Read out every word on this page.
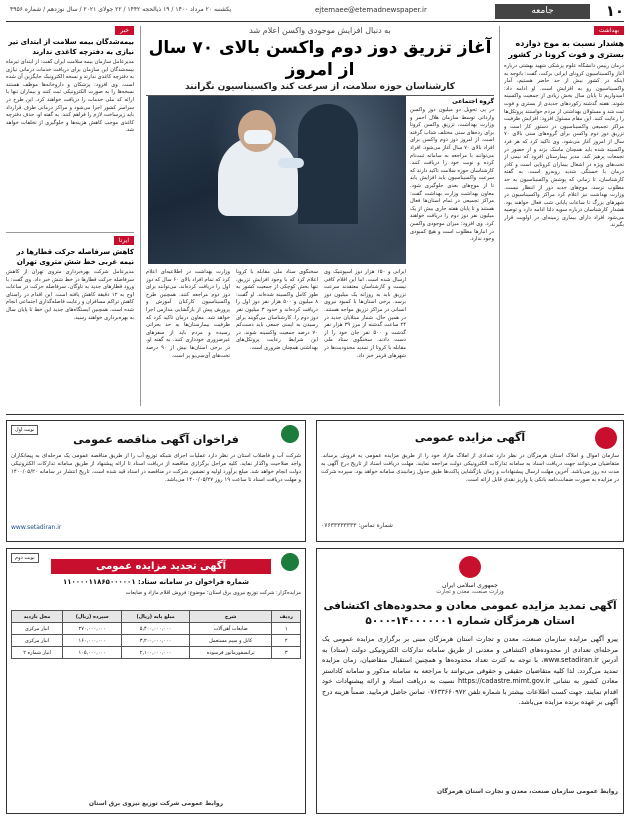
۱۰
جامعه
ejtemaee@etemadnewspaper.ir
یکشنبه ۲۰ مرداد ۱۴۰۰ / ۱۹ ذیالحجه ۱۴۴۲ / ۲۲ جولای ۲۰۲۱ / سال نوزدهم / شماره ۴۹۵۶
بهداشت
هشدار نسبت به موج دوازده بستری و فوت کرونا در کشور
درمان رییس دانشگاه علوم پزشکی شهید بهشتی درباره آغاز واکسیناسیون کرونای ایرانی برکت، گفت: باتوجه به اینکه در کشور بیش از حد حاضر هستیم، آمار واکسیناسیون رو به افزایش است. او ادامه داد: امیدواریم تا پایان سال بخش زیادی از جمعیت واکسینه شوند. هفته گذشته رکوردهای جدیدی از بستری و فوت ثبت شد و مسئولان بهداشتی از مردم خواستند پروتکل‌ها را رعایت کنند. این مقام مسئول افزود: افزایش ظرفیت مراکز تجمیعی واکسیناسیون در دستور کار است و تزریق دوز دوم واکسن برای گروه‌های سنی بالای ۷۰ سال از امروز آغاز می‌شود. وی تاکید کرد که هر فرد واکسینه شده باید همچنان ماسک بزند و از حضور در تجمعات پرهیز کند. مدیر بیمارستان افزود که نیمی از تخت‌های ویژه در اشغال بیماران کرونایی است و کادر درمان با خستگی شدید روبه‌رو است. به گفته کارشناسان، تا زمانی که پوشش واکسیناسیون به حد مطلوب نرسد، موج‌های جدید دور از انتظار نیست. وزارت بهداشت نیز اعلام کرد مراکز واکسیناسیون در شهرهای بزرگ تا ساعات پایانی شب فعال خواهند بود. هشدار کارشناسان درباره سویه دلتا ادامه دارد و توصیه می‌شود افراد دارای بیماری زمینه‌ای در اولویت قرار بگیرند.
به دنبال افزایش موجودی واکسن اعلام شد
آغاز تزریق دوز دوم واکسن بالای ۷۰ سال از امروز
کارشناسان حوزه سلامت، از سرعت کند واکسیناسیون نگرانند
گروه اجتماعی
در پی تحویل دو میلیون دوز واکسن وارداتی توسط سازمان هلال احمر و وزارت بهداشت، تزریق واکسن کرونا برای رده‌های سنی مختلف شتاب گرفته است. از امروز دوز دوم واکسن برای افراد بالای ۷۰ سال آغاز می‌شود. افراد می‌توانند با مراجعه به سامانه ثبت‌نام کرده و نوبت خود را دریافت کنند. کارشناسان حوزه سلامت تاکید دارند که سرعت واکسیناسیون باید افزایش یابد تا از موج‌های بعدی جلوگیری شود. معاون بهداشت وزارت بهداشت گفت: مراکز تجمیعی در تمام استان‌ها فعال هستند و تا پایان هفته جاری بیش از یک میلیون نفر دوز دوم را دریافت خواهند کرد. وی افزود: میزان موجودی واکسن در انبارها مطلوب است و هیچ کمبودی وجود ندارد.
ایرانی و ۱۵۰ هزار دوز اسپوتنیک وی ارسال شده است. اما این اقلام کافی نیست و کارشناسان معتقدند سرعت تزریق باید به روزانه یک میلیون دوز برسد. برخی استان‌ها با کمبود نیروی انسانی در مراکز تزریق مواجه هستند. در همین حال، شمار مبتلایان جدید در ۲۴ ساعت گذشته از مرز ۳۹ هزار نفر گذشت و ۵۰۰ نفر جان خود را از دست دادند. سخنگوی ستاد ملی مقابله با کرونا از تمدید محدودیت‌ها در شهرهای قرمز خبر داد.
سخنگوی ستاد ملی مقابله با کرونا اعلام کرد که با وجود افزایش تزریق، تنها بخش کوچکی از جمعیت کشور به طور کامل واکسینه شده‌اند. او گفت: ۸ میلیون و ۵۰۰ هزار نفر دوز اول را دریافت کرده‌اند و حدود ۳ میلیون نفر دوز دوم را. کارشناسان می‌گویند برای رسیدن به ایمنی جمعی باید دست‌کم ۷۰ درصد جمعیت واکسینه شوند. در این شرایط رعایت پروتکل‌های بهداشتی همچنان ضروری است.
وزارت بهداشت در اطلاعیه‌ای اعلام کرد که تمام افراد بالای ۶۰ سال که دوز اول را دریافت کرده‌اند، می‌توانند برای دوز دوم مراجعه کنند. همچنین طرح واکسیناسیون کارکنان آموزش و پرورش پیش از بازگشایی مدارس اجرا خواهد شد. معاون درمان تاکید کرد که ظرفیت بیمارستان‌ها به حد بحرانی رسیده و مردم باید از سفرهای غیرضروری خودداری کنند. به گفته او، در برخی استان‌ها بیش از ۹۰ درصد تخت‌های آی‌سی‌یو پر است.
خبر
بیمه‌شدگان بیمه سلامت از ابتدای تیر نیازی به دفترچه کاغذی ندارند
مدیرعامل سازمان بیمه سلامت ایران گفت: از ابتدای تیرماه بیمه‌شدگان این سازمان برای دریافت خدمات درمانی نیازی به دفترچه کاغذی ندارند و نسخه الکترونیک جایگزین آن شده است. وی افزود: پزشکان و داروخانه‌ها موظف هستند نسخه‌ها را به صورت الکترونیکی ثبت کنند و بیماران تنها با ارائه کد ملی خدمات را دریافت خواهند کرد. این طرح در سراسر کشور اجرا می‌شود و مراکز درمانی طرف قرارداد باید زیرساخت لازم را فراهم کنند. به گفته او، حذف دفترچه کاغذی موجب کاهش هزینه‌ها و جلوگیری از تخلفات خواهد شد.
ایرنا
کاهش سرفاصله حرکت قطارها در نیمه غربی خط شش متروی تهران
مدیرعامل شرکت بهره‌برداری متروی تهران از کاهش سرفاصله حرکت قطارها در خط شش خبر داد. وی گفت: با ورود قطارهای جدید به ناوگان، سرفاصله حرکت در ساعات اوج به ۱۲ دقیقه کاهش یافته است. این اقدام در راستای کاهش تراکم مسافران و رعایت فاصله‌گذاری اجتماعی انجام شده است. همچنین ایستگاه‌های جدید این خط تا پایان سال به بهره‌برداری خواهند رسید.
آگهی مزایده عمومی
سازمان اموال و املاک استان هرمزگان در نظر دارد تعدادی از املاک مازاد خود را از طریق مزایده عمومی به فروش برساند. متقاضیان می‌توانند جهت دریافت اسناد به سامانه تدارکات الکترونیکی دولت مراجعه نمایند. مهلت دریافت اسناد از تاریخ درج آگهی به مدت ده روز می‌باشد. آخرین مهلت ارسال پیشنهادات و زمان بازگشایی پاکت‌ها طبق جدول زمانبندی سامانه خواهد بود. سپرده شرکت در مزایده به صورت ضمانت‌نامه بانکی یا واریز نقدی قابل ارائه است.
شماره تماس: ۰۷۶۳۳۳۳۳۳۳۳
نوبت اول
فراخوان آگهی مناقصه عمومی
شرکت آب و فاضلاب استان در نظر دارد عملیات اجرای شبکه توزیع آب را از طریق مناقصه عمومی یک مرحله‌ای به پیمانکاران واجد صلاحیت واگذار نماید. کلیه مراحل برگزاری مناقصه از دریافت اسناد تا ارائه پیشنهاد از طریق سامانه تدارکات الکترونیکی دولت انجام خواهد شد. مبلغ برآورد اولیه و تضمین شرکت در مناقصه در اسناد قید شده است. تاریخ انتشار در سامانه ۱۴۰۰/۰۵/۲۰ و مهلت دریافت اسناد تا ساعت ۱۹ روز ۱۴۰۰/۰۵/۲۷ می‌باشد.
www.setadiran.ir
جمهوری اسلامی ایران
وزارت صنعت، معدن و تجارت
آگهی تمدید مزایده عمومی معادن و محدوده‌های اکتشافی استان هرمزگان شماره ۱۴۰۰۰۰۰۰۱-۵۰۰۰
پیرو آگهی مزایده سازمان صنعت، معدن و تجارت استان هرمزگان مبنی بر برگزاری مزایده عمومی یک مرحله‌ای تعدادی از محدوده‌های اکتشافی و معدنی از طریق سامانه تدارکات الکترونیکی دولت (ستاد) به آدرس www.setadiran.ir، با توجه به کثرت تعداد محدوده‌ها و همچنین استقبال متقاضیان، زمان مزایده تمدید می‌گردد. لذا کلیه متقاضیان حقیقی و حقوقی می‌توانند با مراجعه به سامانه مذکور و سامانه کاداستر معادن کشور به نشانی https://cadastre.mimt.gov.ir نسبت به دریافت اسناد و ارائه پیشنهادات خود اقدام نمایند. جهت کسب اطلاعات بیشتر با شماره تلفن ۰۷۶۳۳۶۶۰۹۷۲ تماس حاصل فرمایید. ضمناً هزینه درج آگهی بر عهده برنده مزایده می‌باشد.
روابط عمومی سازمان صنعت، معدن و تجارت استان هرمزگان
نوبت دوم
آگهی تجدید مزایده عمومی
شماره فراخوان در سامانه ستاد: ۱۱۰۰۰۰۱۱۸۶۵۰۰۰۰۰۱
مزایده‌گزار: شرکت توزیع نیروی برق استان؛ موضوع: فروش اقلام مازاد و ضایعات
ردیف	شرح	مبلغ پایه (ریال)	سپرده (ریال)	محل بازدید
۱	ضایعات آهن‌آلات	۵,۴۰۰,۰۰۰,۰۰۰	۲۷۰,۰۰۰,۰۰۰	انبار مرکزی
۲	کابل و سیم مستعمل	۳,۲۰۰,۰۰۰,۰۰۰	۱۶۰,۰۰۰,۰۰۰	انبار مرکزی
۳	ترانسفورماتور فرسوده	۲,۱۰۰,۰۰۰,۰۰۰	۱۰۵,۰۰۰,۰۰۰	انبار شماره ۲
روابط عمومی شرکت توزیع نیروی برق استان
